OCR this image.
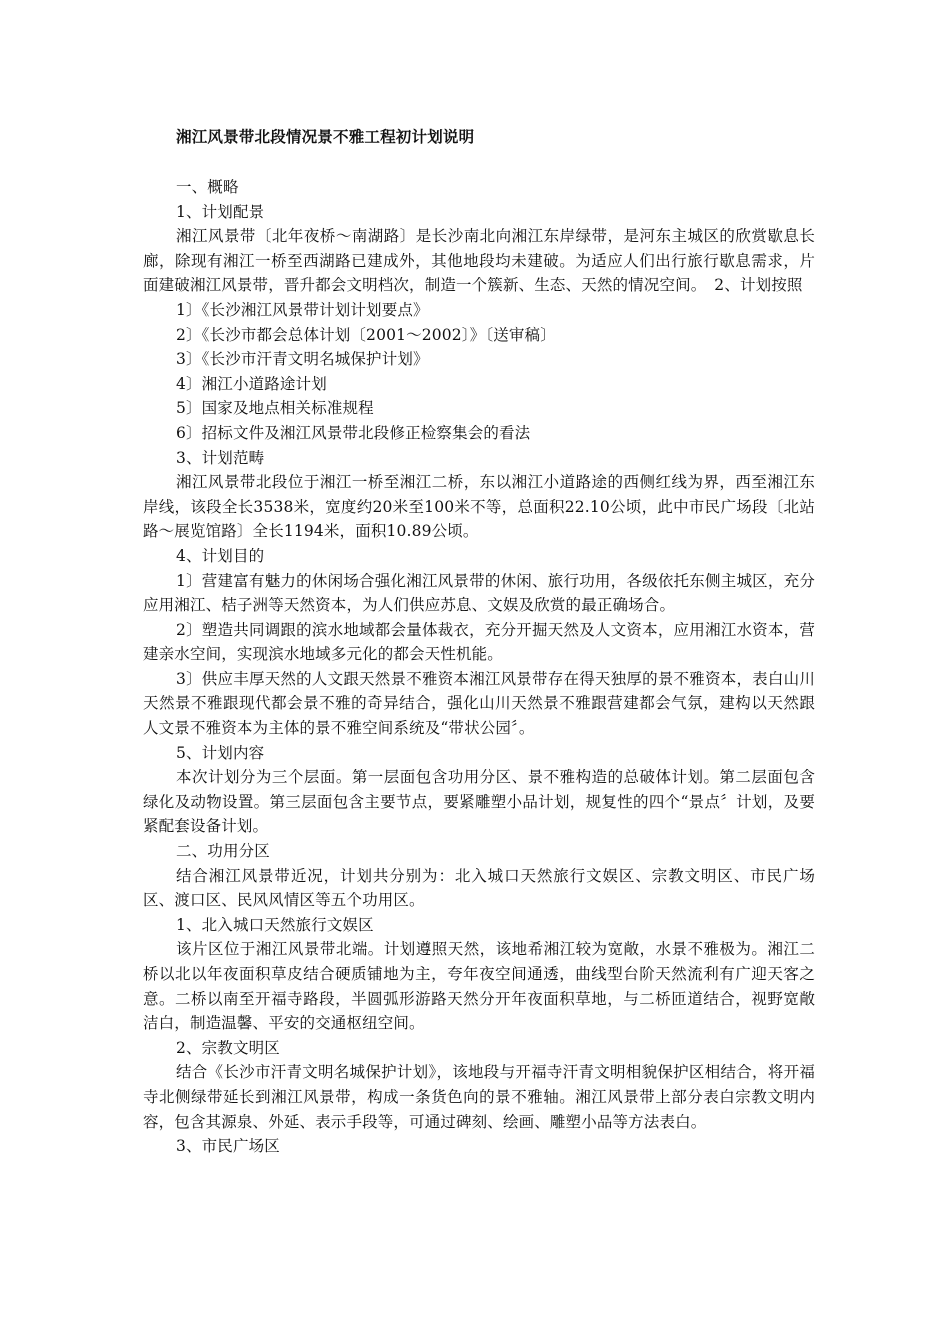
湘江风景带北段情况景不雅工程初计划说明

一、概略

1、计划配景

湘江风景带〔北年夜桥～南湖路〕是长沙南北向湘江东岸绿带，是河东主城区的欣赏歇息长廊，除现有湘江一桥至西湖路已建成外，其他地段均未建破。为适应人们出行旅行歇息需求，片面建破湘江风景带，晋升都会文明档次，制造一个簇新、生态、天然的情况空间。　2、计划按照

1〕《长沙湘江风景带计划计划要点》

2〕《长沙市都会总体计划〔2001～2002〕》〔送审稿〕

3〕《长沙市汗青文明名城保护计划》

4〕湘江小道路途计划

5〕国家及地点相关标准规程

6〕招标文件及湘江风景带北段修正检察集会的看法

3、计划范畴

湘江风景带北段位于湘江一桥至湘江二桥，东以湘江小道路途的西侧红线为界，西至湘江东岸线，该段全长3538米，宽度约20米至100米不等，总面积22.10公顷，此中市民广场段〔北站路～展览馆路〕全长1194米，面积10.89公顷。

4、计划目的

1〕营建富有魅力的休闲场合强化湘江风景带的休闲、旅行功用，各级依托东侧主城区，充分应用湘江、桔子洲等天然资本，为人们供应苏息、文娱及欣赏的最正确场合。

2〕塑造共同调跟的滨水地域都会量体裁衣，充分开掘天然及人文资本，应用湘江水资本，营建亲水空间，实现滨水地域多元化的都会天性机能。

3〕供应丰厚天然的人文跟天然景不雅资本湘江风景带存在得天独厚的景不雅资本，表白山川天然景不雅跟现代都会景不雅的奇异结合，强化山川天然景不雅跟营建都会气氛，建构以天然跟人文景不雅资本为主体的景不雅空间系统及“带状公园〞。

5、计划内容

本次计划分为三个层面。第一层面包含功用分区、景不雅构造的总破体计划。第二层面包含绿化及动物设置。第三层面包含主要节点，要紧雕塑小品计划，规复性的四个“景点〞计划，及要紧配套设备计划。

二、功用分区

结合湘江风景带近况，计划共分别为：北入城口天然旅行文娱区、宗教文明区、市民广场区、渡口区、民风风情区等五个功用区。

1、北入城口天然旅行文娱区

该片区位于湘江风景带北端。计划遵照天然，该地希湘江较为宽敞，水景不雅极为。湘江二桥以北以年夜面积草皮结合硬质铺地为主，夸年夜空间通透，曲线型台阶天然流利有广迎天客之意。二桥以南至开福寺路段，半圆弧形游路天然分开年夜面积草地，与二桥匝道结合，视野宽敞洁白，制造温馨、平安的交通枢纽空间。

2、宗教文明区

结合《长沙市汗青文明名城保护计划》，该地段与开福寺汗青文明相貌保护区相结合，将开福寺北侧绿带延长到湘江风景带，构成一条货色向的景不雅轴。湘江风景带上部分表白宗教文明内容，包含其源泉、外延、表示手段等，可通过碑刻、绘画、雕塑小品等方法表白。

3、市民广场区
